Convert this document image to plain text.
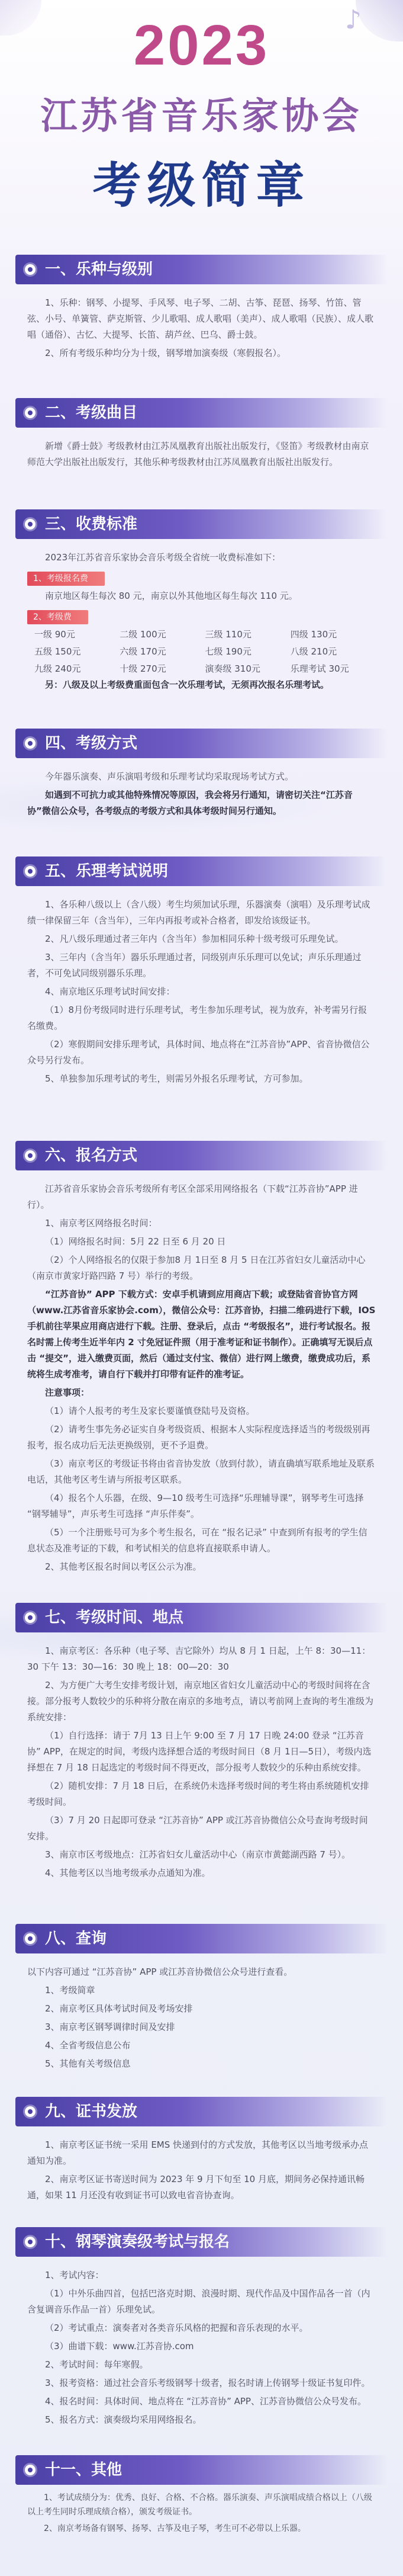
♪
2023
江苏省音乐家协会
考级简章
一、乐种与级别

1、乐种：钢琴、小提琴、手风琴、电子琴、二胡、古筝、琵琶、扬琴、竹笛、管弦、小号、单簧管、萨克斯管、少儿歌唱、成人歌唱（美声）、成人歌唱（民族）、成人歌唱（通俗）、古忆、大提琴、长笛、葫芦丝、巴乌、爵士鼓。

2、所有考级乐种均分为十级，钢琴增加演奏级（寒假报名）。

二、考级曲目

新增《爵士鼓》考级教材由江苏凤凰教育出版社出版发行，《竖笛》考级教材由南京师范大学出版社出版发行，其他乐种考级教材由江苏凤凰教育出版社出版发行。

三、收费标准

2023年江苏省音乐家协会音乐考级全省统一收费标准如下：

1、考级报名费

南京地区每生每次 80 元，南京以外其他地区每生每次 110 元。

2、考级费
一级 90元	二级 100元	三级 110元	四级 130元
五级 150元	六级 170元	七级 190元	八级 210元
九级 240元	十级 270元	演奏级 310元	乐理考试 30元

另：八级及以上考级费重面包含一次乐理考试，无须再次报名乐理考试。

四、考级方式

今年器乐演奏、声乐演唱考级和乐理考试均采取现场考试方式。

如遇到不可抗力或其他特殊情况等原因，我会将另行通知，请密切关注“江苏音协”微信公众号，各考级点的考级方式和具体考级时间另行通知。

五、乐理考试说明

1、各乐种八级以上（含八级）考生均须加试乐理，乐器演奏（演唱）及乐理考试成绩一律保留三年（含当年），三年内再报考或补合格者，即发给该级证书。

2、凡八级乐理通过者三年内（含当年）参加相同乐种十级考级可乐理免试。

3、三年内（含当年）器乐乐理通过者，同级别声乐乐理可以免试；声乐乐理通过者，不可免试同级别器乐乐理。

4、南京地区乐理考试时间安排：

（1）8月份考级同时进行乐理考试，考生参加乐理考试，视为放弃，补考需另行报名缴费。

（2）寒假期间安排乐理考试，具体时间、地点将在“江苏音协”APP、省音协微信公众号另行发布。

5、单独参加乐理考试的考生，则需另外报名乐理考试，方可参加。

六、报名方式

江苏省音乐家协会音乐考级所有考区全部采用网络报名（下载“江苏音协”APP 进行）。

1、南京考区网络报名时间：

（1）网络报名时间：5月 22 日至 6 月 20 日

（2）个人网络报名的仅限于参加8 月 1日至 8 月 5 日在江苏省妇女儿童活动中心（南京市黄家圩路四路 7 号）举行的考级。

“江苏音协” APP 下载方式：安卓手机请到应用商店下载；或登陆省音协官方网（www.江苏省音乐家协会.com），微信公众号：江苏音协，扫描二维码进行下载，IOS 手机前往苹果应用商店进行下载。注册、登录后，点击 “考级报名”，进行考试报名。报名时需上传考生近半年内 2 寸免冠证件照（用于准考证和证书制作）。正确填写无误后点击 “提交”，进入缴费页面，然后（通过支付宝、微信）进行网上缴费，缴费成功后，系统将生成考准考，请自行下载并打印带有证件的准考证。

注意事项：

（1）请个人报考的考生及家长要谨慎登陆号及资格。

（2）请考生事先务必证实自身考级资质、根据本人实际程度选择适当的考级级别再报考，报名成功后无法更换级别，更不予退费。

（3）南京考区的考级证书将由省音协发放（放到付款），请直确填写联系地址及联系电话，其他考区考生请与所报考区联系。

（4）报名个人乐器，在级、9—10 级考生可选择“乐理辅导课”，钢琴考生可选择 “钢琴辅导”，声乐考生可选择 “声乐伴奏”。

（5）一个注册账号可为多个考生报名，可在 “报名记录” 中查到所有报考的学生信息状态及准考证的下载，和考试相关的信息将直接联系申请人。

2、其他考区报名时间以考区公示为准。

七、考级时间、地点

1、南京考区：各乐种（电子琴、吉它除外）均从 8 月 1 日起，上午 8：30—11：30 下午 13：30—16：30 晚上 18：00—20：30

2、为方便广大考生安排考级计划，南京地区省妇女儿童活动中心的考级时间将在含接。部分报考人数较少的乐种将分散在南京的多地考点，请以考前网上查询的考生准级为系统安排：

（1）自行选择：请于 7月 13 日上午 9:00 至 7 月 17 日晚 24:00 登录 “江苏音协” APP，在规定的时间，考级内选择想合适的考级时间日（8 月 1日—5日），考级内选择想在 7 月 18 日起选定的考级时间不得更改，部分报考人数较少的乐种由系统安排。

（2）随机安排：7 月 18 日后，在系统仍未选择考级时间的考生将由系统随机安排考级时间。

（3）7 月 20 日起即可登录 “江苏音协” APP 或江苏音协微信公众号查询考级时间安排。

3、南京市区考级地点：江苏省妇女儿童活动中心（南京市黄懿湖西路 7 号）。

4、其他考区以当地考级承办点通知为准。

八、查询

以下内容可通过 “江苏音协” APP 或江苏音协微信公众号进行查看。

1、考级简章

2、南京考区具体考试时间及考场安排

3、南京考区钢琴调律时间及安排

4、全省考级信息公布

5、其他有关考级信息

九、证书发放

1、南京考区证书统一采用 EMS 快递到付的方式发放，其他考区以当地考级承办点通知为准。

2、南京考区证书寄送时间为 2023 年 9 月下旬至 10 月底，期间务必保持通讯畅通，如果 11 月还没有收到证书可以致电省音协查询。

十、钢琴演奏级考试与报名

1、考试内容：

（1）中外乐曲四首，包括巴洛克时期、浪漫时期、现代作品及中国作品各一首（内含复调音乐作品一首）乐理免试。

（2）考试重点：演奏者对各类音乐风格的把握和音乐表现的水平。

（3）曲谱下载：www.江苏音协.com

2、考试时间：每年寒假。

3、报考资格：通过社会音乐考级钢琴十级者，报名时请上传钢琴十级证书复印件。

4、报名时间：具体时间、地点将在 “江苏音协” APP、江苏音协微信公众号发布。

5、报名方式：演奏级均采用网络报名。

十一、其他

1、考试成绩分为：优秀、良好、合格、不合格。器乐演奏、声乐演唱成绩合格以上（八级以上考生同时乐理成绩合格），颁发考级证书。

2、南京考场备有钢琴、扬琴、古筝及电子琴，考生可不必带以上乐器。
